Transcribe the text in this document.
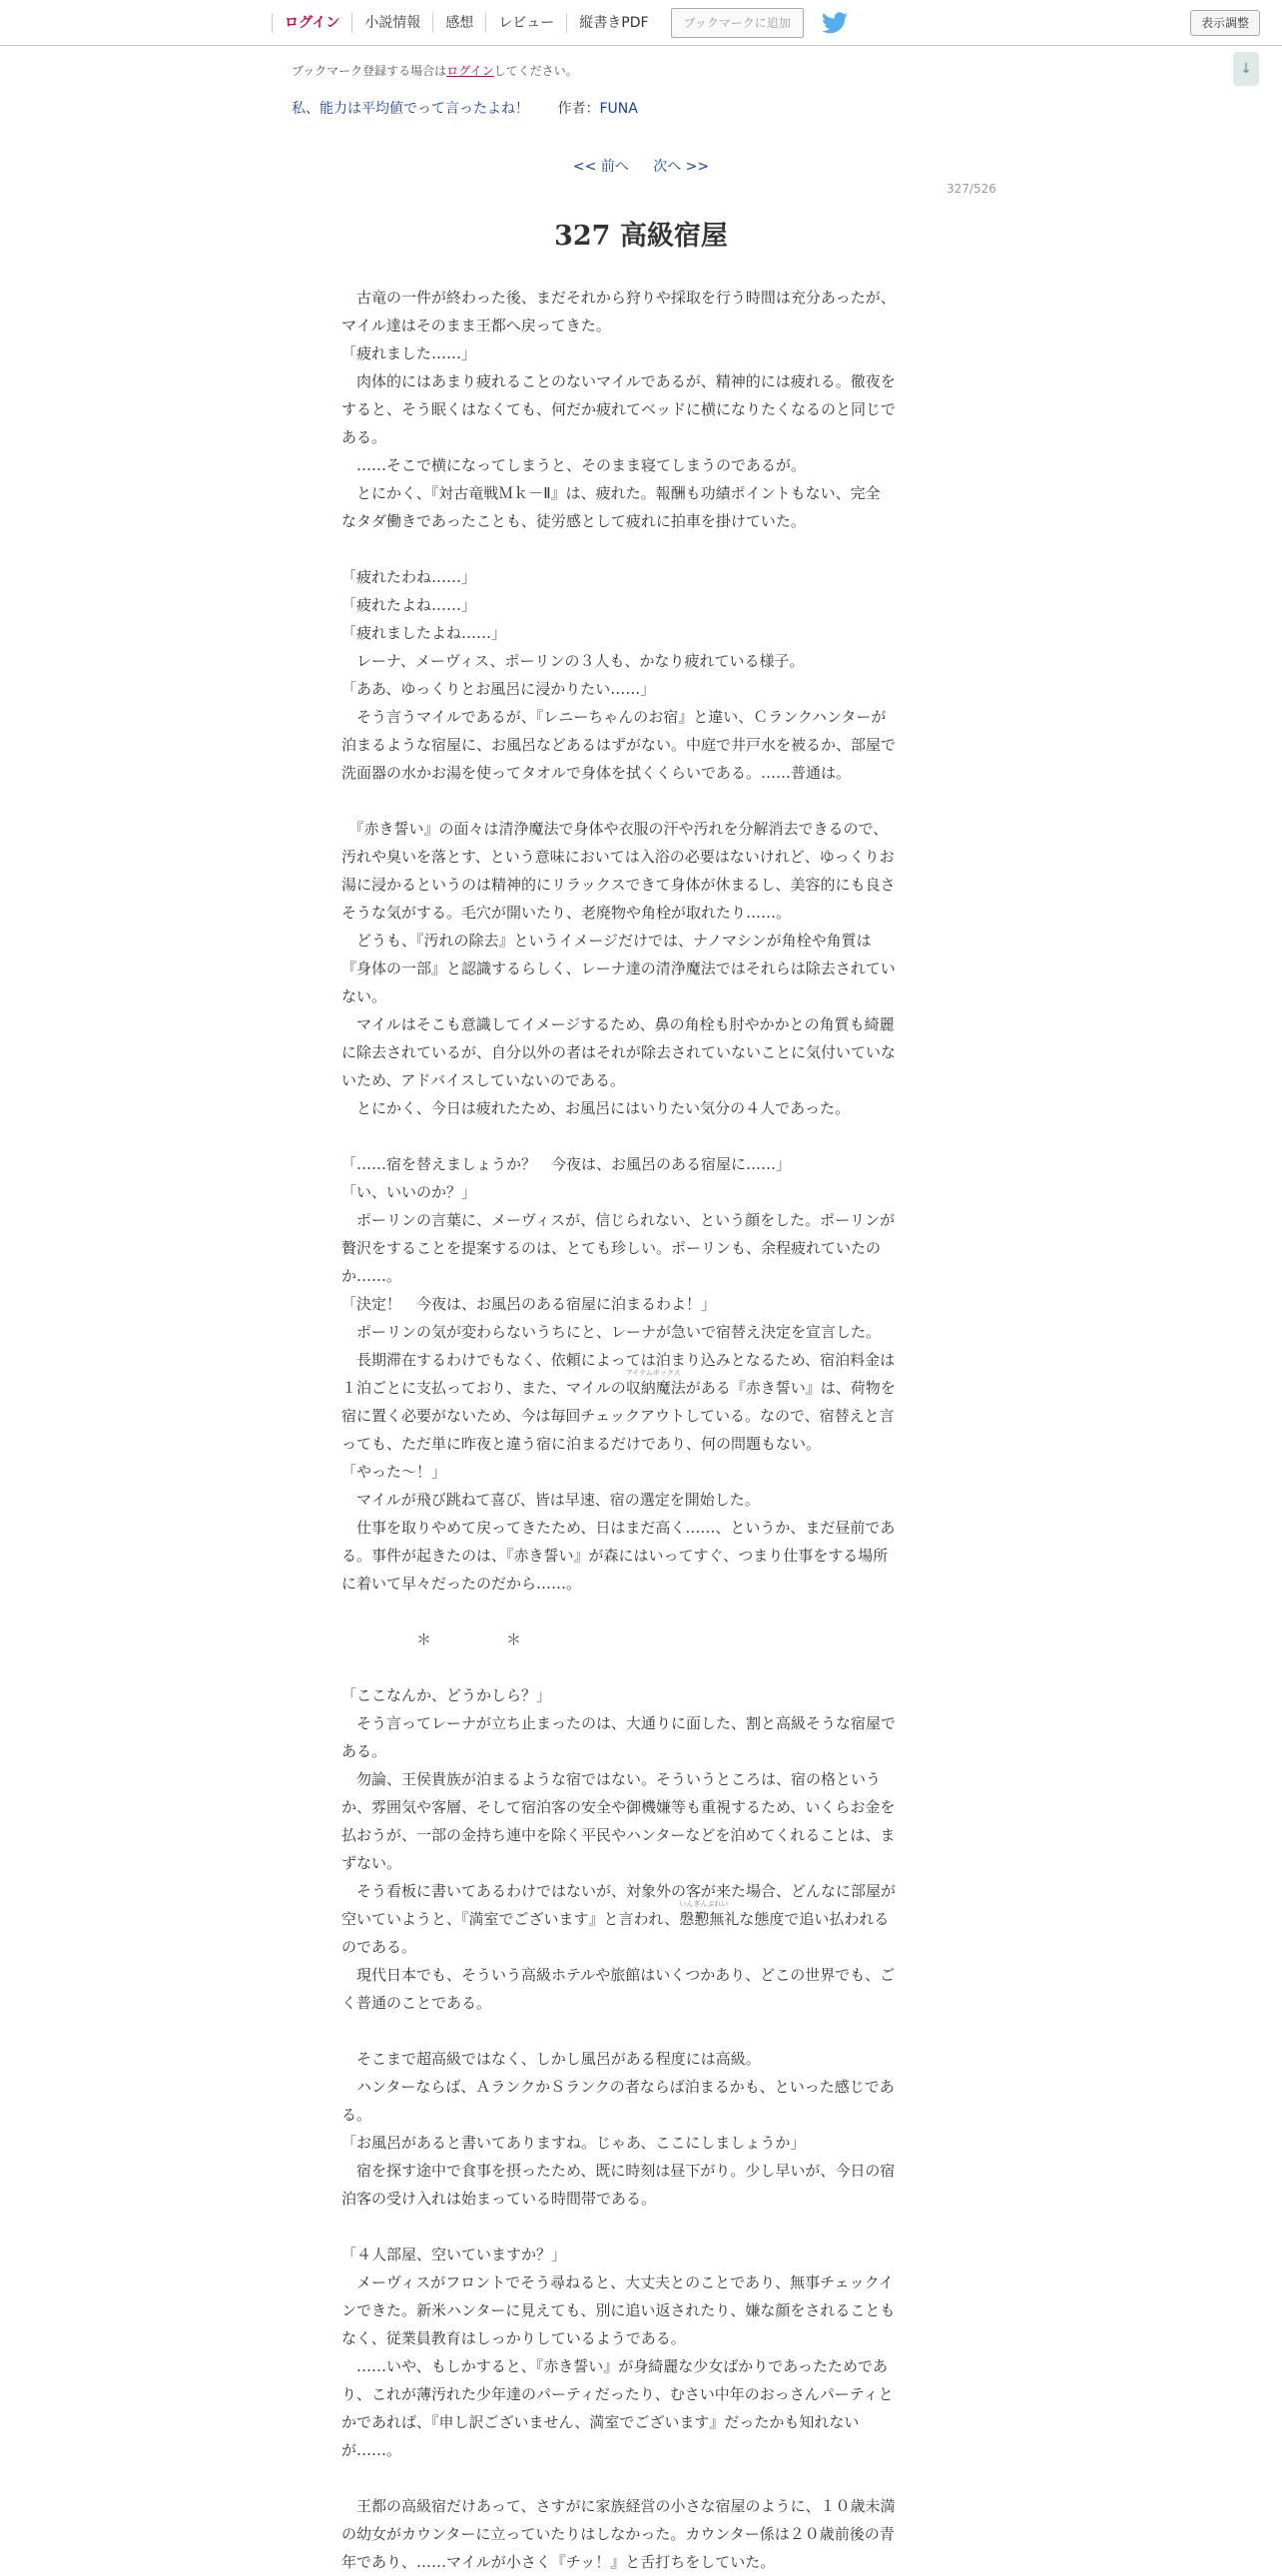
ログイン	小説情報	感想	レビュー	縦書きPDF	ブックマークに追加	表示調整
↓
ブックマーク登録する場合はログインしてください。
私、能力は平均値でって言ったよね！ 作者：FUNA
<< 前へ 次へ >>
327/526
327 高級宿屋

　古竜の一件が終わった後、まだそれから狩りや採取を行う時間は充分あったが、

マイル達はそのまま王都へ戻ってきた。

「疲れました……」

　肉体的にはあまり疲れることのないマイルであるが、精神的には疲れる。徹夜を

すると、そう眠くはなくても、何だか疲れてベッドに横になりたくなるのと同じで

ある。

　……そこで横になってしまうと、そのまま寝てしまうのであるが。

　とにかく、『対古竜戦Ｍｋ－Ⅱ』は、疲れた。報酬も功績ポイントもない、完全

なタダ働きであったことも、徒労感として疲れに拍車を掛けていた。

「疲れたわね……」

「疲れたよね……」

「疲れましたよね……」

　レーナ、メーヴィス、ポーリンの３人も、かなり疲れている様子。

「ああ、ゆっくりとお風呂に浸かりたい……」

　そう言うマイルであるが、『レニーちゃんのお宿』と違い、Ｃランクハンターが

泊まるような宿屋に、お風呂などあるはずがない。中庭で井戸水を被るか、部屋で

洗面器の水かお湯を使ってタオルで身体を拭くくらいである。……普通は。

　『赤き誓い』の面々は清浄魔法で身体や衣服の汗や汚れを分解消去できるので、

汚れや臭いを落とす、という意味においては入浴の必要はないけれど、ゆっくりお

湯に浸かるというのは精神的にリラックスできて身体が休まるし、美容的にも良さ

そうな気がする。毛穴が開いたり、老廃物や角栓が取れたり……。

　どうも、『汚れの除去』というイメージだけでは、ナノマシンが角栓や角質は

『身体の一部』と認識するらしく、レーナ達の清浄魔法ではそれらは除去されてい

ない。

　マイルはそこも意識してイメージするため、鼻の角栓も肘やかかとの角質も綺麗

に除去されているが、自分以外の者はそれが除去されていないことに気付いていな

いため、アドバイスしていないのである。

　とにかく、今日は疲れたため、お風呂にはいりたい気分の４人であった。

「……宿を替えましょうか？　今夜は、お風呂のある宿屋に……」

「い、いいのか？」

　ポーリンの言葉に、メーヴィスが、信じられない、という顔をした。ポーリンが

贅沢をすることを提案するのは、とても珍しい。ポーリンも、余程疲れていたの

か……。

「決定！　今夜は、お風呂のある宿屋に泊まるわよ！」

　ポーリンの気が変わらないうちにと、レーナが急いで宿替え決定を宣言した。

　長期滞在するわけでもなく、依頼によっては泊まり込みとなるため、宿泊料金は

１泊ごとに支払っており、また、マイルの収納魔法
アイテムボックス
がある『赤き誓い』は、荷物を

宿に置く必要がないため、今は毎回チェックアウトしている。なので、宿替えと言

っても、ただ単に昨夜と違う宿に泊まるだけであり、何の問題もない。

「やった～！」

　マイルが飛び跳ねて喜び、皆は早速、宿の選定を開始した。

　仕事を取りやめて戻ってきたため、日はまだ高く……、というか、まだ昼前であ

る。事件が起きたのは、『赤き誓い』が森にはいってすぐ、つまり仕事をする場所

に着いて早々だったのだから……。

　　　　　＊　　　　　＊

「ここなんか、どうかしら？」

　そう言ってレーナが立ち止まったのは、大通りに面した、割と高級そうな宿屋で

ある。

　勿論、王侯貴族が泊まるような宿ではない。そういうところは、宿の格という

か、雰囲気や客層、そして宿泊客の安全や御機嫌等も重視するため、いくらお金を

払おうが、一部の金持ち連中を除く平民やハンターなどを泊めてくれることは、ま

ずない。

　そう看板に書いてあるわけではないが、対象外の客が来た場合、どんなに部屋が

空いていようと、『満室でございます』と言われ、慇懃無礼
いんぎんぶれい
な態度で追い払われる

のである。

　現代日本でも、そういう高級ホテルや旅館はいくつかあり、どこの世界でも、ご

く普通のことである。

　そこまで超高級ではなく、しかし風呂がある程度には高級。

　ハンターならば、ＡランクかＳランクの者ならば泊まるかも、といった感じであ

る。

「お風呂があると書いてありますね。じゃあ、ここにしましょうか」

　宿を探す途中で食事を摂ったため、既に時刻は昼下がり。少し早いが、今日の宿

泊客の受け入れは始まっている時間帯である。

「４人部屋、空いていますか？」

　メーヴィスがフロントでそう尋ねると、大丈夫とのことであり、無事チェックイ

ンできた。新米ハンターに見えても、別に追い返されたり、嫌な顔をされることも

なく、従業員教育はしっかりしているようである。

　……いや、もしかすると、『赤き誓い』が身綺麗な少女ばかりであったためであ

り、これが薄汚れた少年達のパーティだったり、むさい中年のおっさんパーティと

かであれば、『申し訳ございません、満室でございます』だったかも知れない

が……。

　王都の高級宿だけあって、さすがに家族経営の小さな宿屋のように、１０歳未満

の幼女がカウンターに立っていたりはしなかった。カウンター係は２０歳前後の青

年であり、……マイルが小さく『チッ！』と舌打ちをしていた。
